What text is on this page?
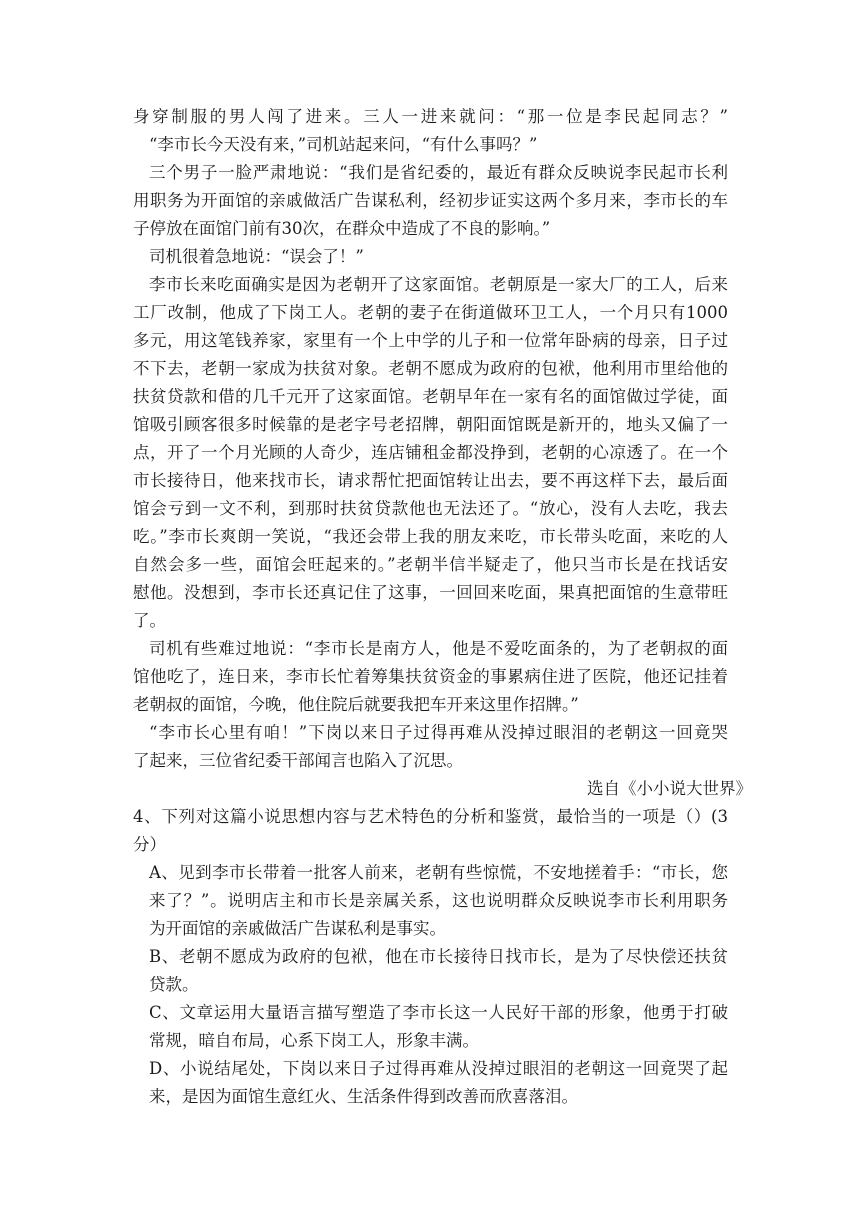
身穿制服的男人闯了进来。三人一进来就问：“那一位是李民起同志？”
“李市长今天没有来，”司机站起来问，“有什么事吗？”
三个男子一脸严肃地说：“我们是省纪委的，最近有群众反映说李民起市长利
用职务为开面馆的亲戚做活广告谋私利，经初步证实这两个多月来，李市长的车
子停放在面馆门前有30次，在群众中造成了不良的影响。”
司机很着急地说：“误会了！”
李市长来吃面确实是因为老朝开了这家面馆。老朝原是一家大厂的工人，后来
工厂改制，他成了下岗工人。老朝的妻子在街道做环卫工人，一个月只有1000
多元，用这笔钱养家，家里有一个上中学的儿子和一位常年卧病的母亲，日子过
不下去，老朝一家成为扶贫对象。老朝不愿成为政府的包袱，他利用市里给他的
扶贫贷款和借的几千元开了这家面馆。老朝早年在一家有名的面馆做过学徒，面
馆吸引顾客很多时候靠的是老字号老招牌，朝阳面馆既是新开的，地头又偏了一
点，开了一个月光顾的人奇少，连店铺租金都没挣到，老朝的心凉透了。在一个
市长接待日，他来找市长，请求帮忙把面馆转让出去，要不再这样下去，最后面
馆会亏到一文不利，到那时扶贫贷款他也无法还了。“放心，没有人去吃，我去
吃。”李市长爽朗一笑说，“我还会带上我的朋友来吃，市长带头吃面，来吃的人
自然会多一些，面馆会旺起来的。”老朝半信半疑走了，他只当市长是在找话安
慰他。没想到，李市长还真记住了这事，一回回来吃面，果真把面馆的生意带旺
了。
司机有些难过地说：“李市长是南方人，他是不爱吃面条的，为了老朝叔的面
馆他吃了，连日来，李市长忙着筹集扶贫资金的事累病住进了医院，他还记挂着
老朝叔的面馆，今晚，他住院后就要我把车开来这里作招牌。”
“李市长心里有咱！”下岗以来日子过得再难从没掉过眼泪的老朝这一回竟哭
了起来，三位省纪委干部闻言也陷入了沉思。
选自《小小说大世界》
4、下列对这篇小说思想内容与艺术特色的分析和鉴赏，最恰当的一项是（）(3
分）
A、见到李市长带着一批客人前来，老朝有些惊慌，不安地搓着手：“市长，您
来了？”。说明店主和市长是亲属关系，这也说明群众反映说李市长利用职务
为开面馆的亲戚做活广告谋私利是事实。
B、老朝不愿成为政府的包袱，他在市长接待日找市长，是为了尽快偿还扶贫
贷款。
C、文章运用大量语言描写塑造了李市长这一人民好干部的形象，他勇于打破
常规，暗自布局，心系下岗工人，形象丰满。
D、小说结尾处，下岗以来日子过得再难从没掉过眼泪的老朝这一回竟哭了起
来，是因为面馆生意红火、生活条件得到改善而欣喜落泪。
